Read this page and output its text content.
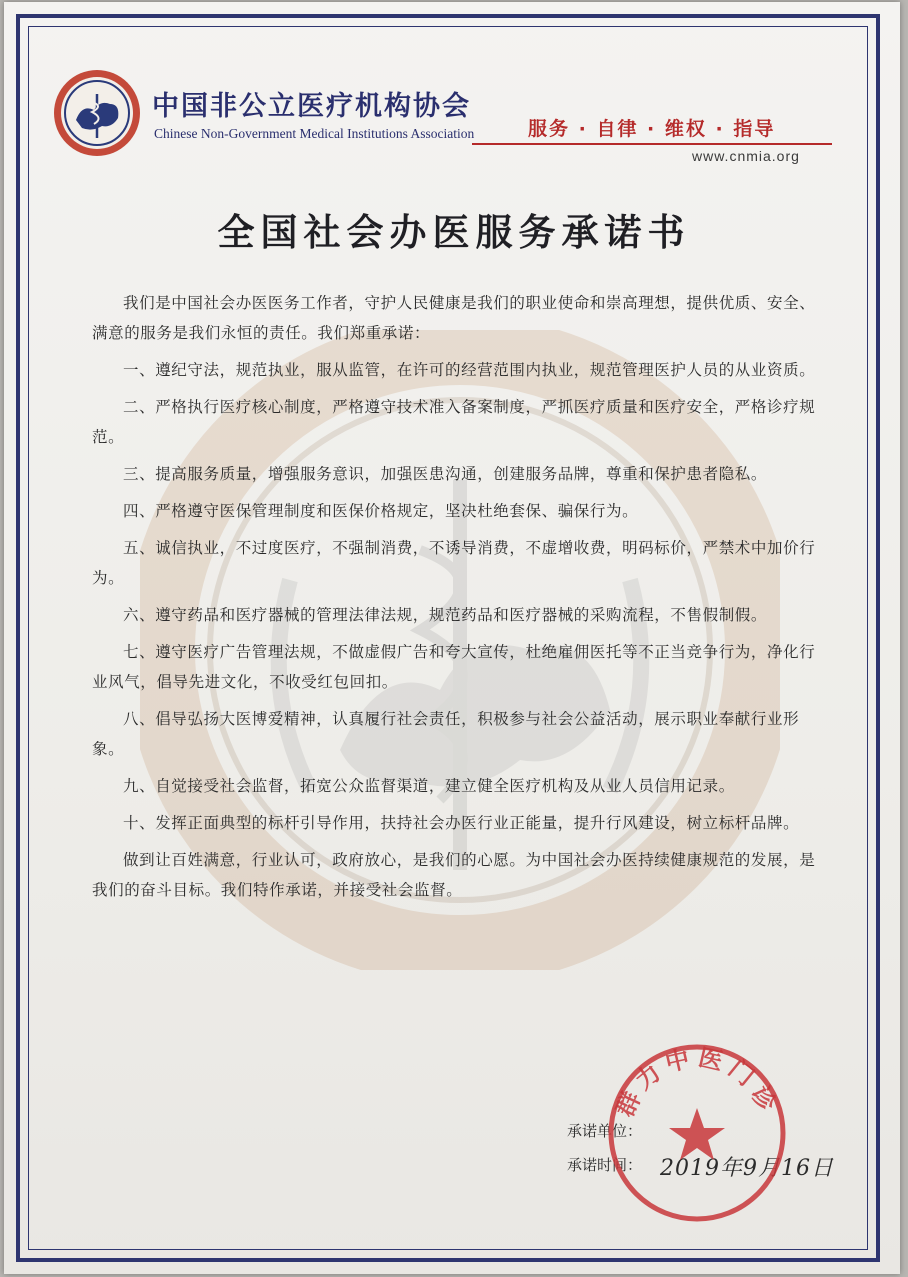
中国非公立医疗机构协会
Chinese Non-Government Medical Institutions Association	服务 · 自律 · 维权 · 指导
www.cnmia.org
全国社会办医服务承诺书

我们是中国社会办医医务工作者，守护人民健康是我们的职业使命和崇高理想，提供优质、安全、满意的服务是我们永恒的责任。我们郑重承诺：

一、遵纪守法，规范执业，服从监管，在许可的经营范围内执业，规范管理医护人员的从业资质。

二、严格执行医疗核心制度，严格遵守技术准入备案制度，严抓医疗质量和医疗安全，严格诊疗规范。

三、提高服务质量，增强服务意识，加强医患沟通，创建服务品牌，尊重和保护患者隐私。

四、严格遵守医保管理制度和医保价格规定，坚决杜绝套保、骗保行为。

五、诚信执业，不过度医疗，不强制消费，不诱导消费，不虚增收费，明码标价，严禁术中加价行为。

六、遵守药品和医疗器械的管理法律法规，规范药品和医疗器械的采购流程，不售假制假。

七、遵守医疗广告管理法规，不做虚假广告和夸大宣传，杜绝雇佣医托等不正当竞争行为，净化行业风气，倡导先进文化，不收受红包回扣。

八、倡导弘扬大医博爱精神，认真履行社会责任，积极参与社会公益活动，展示职业奉献行业形象。

九、自觉接受社会监督，拓宽公众监督渠道，建立健全医疗机构及从业人员信用记录。

十、发挥正面典型的标杆引导作用，扶持社会办医行业正能量，提升行风建设，树立标杆品牌。

做到让百姓满意，行业认可，政府放心，是我们的心愿。为中国社会办医持续健康规范的发展，是我们的奋斗目标。我们特作承诺，并接受社会监督。

承诺单位：
承诺时间： 2019年9月16日
群力中医门诊
